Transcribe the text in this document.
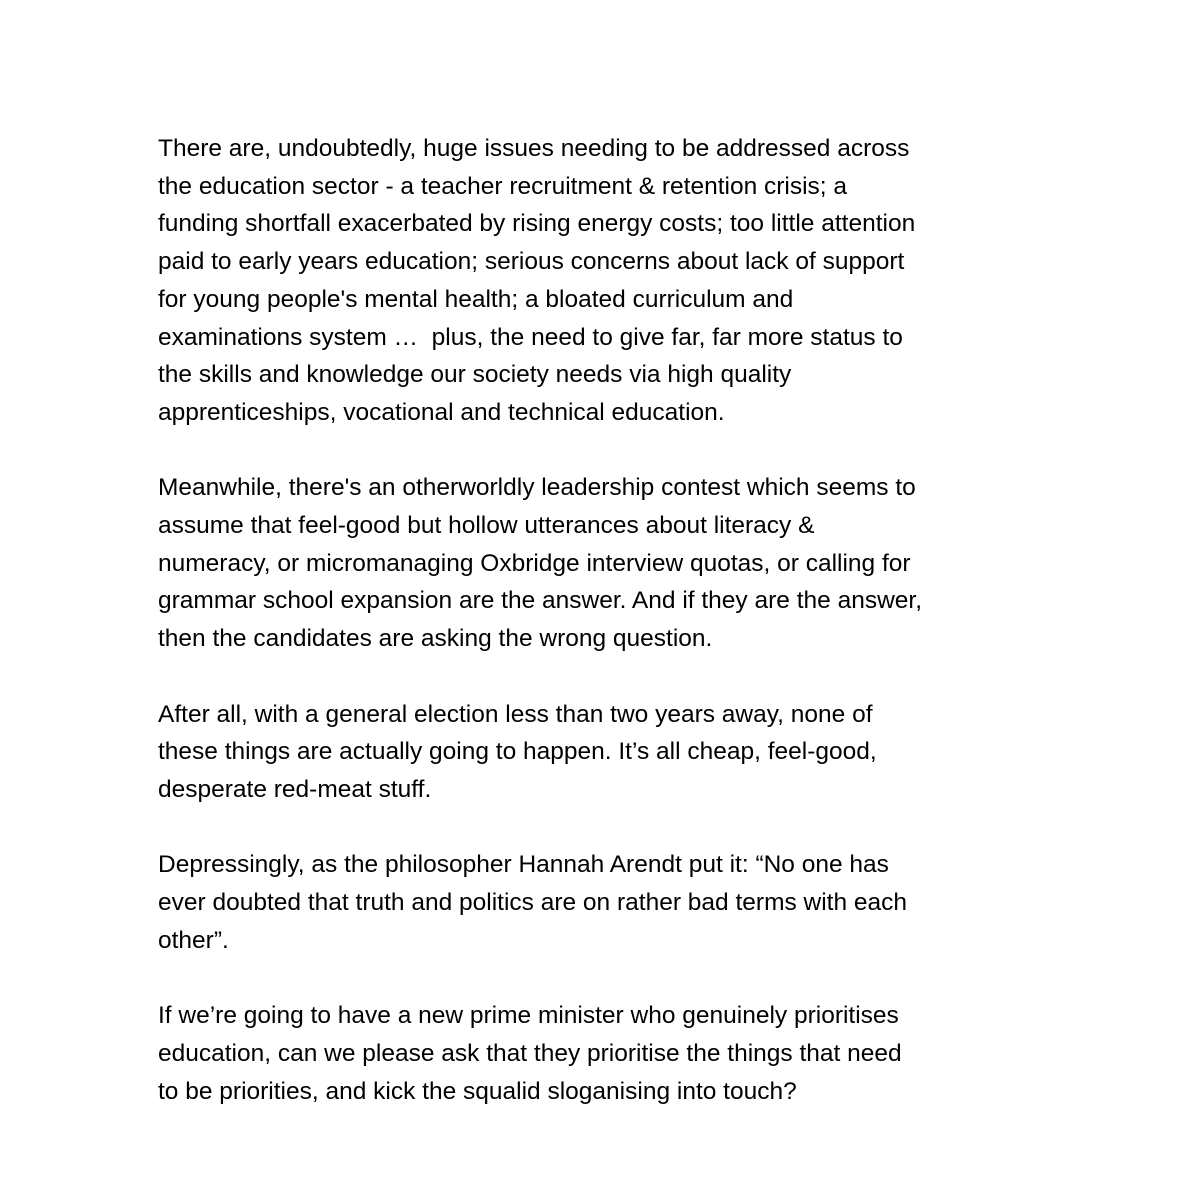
There are, undoubtedly, huge issues needing to be addressed across
the education sector - a teacher recruitment & retention crisis; a
funding shortfall exacerbated by rising energy costs; too little attention
paid to early years education; serious concerns about lack of support
for young people's mental health; a bloated curriculum and
examinations system …  plus, the need to give far, far more status to
the skills and knowledge our society needs via high quality
apprenticeships, vocational and technical education.

Meanwhile, there's an otherworldly leadership contest which seems to
assume that feel-good but hollow utterances about literacy &
numeracy, or micromanaging Oxbridge interview quotas, or calling for
grammar school expansion are the answer. And if they are the answer,
then the candidates are asking the wrong question.

After all, with a general election less than two years away, none of
these things are actually going to happen. It’s all cheap, feel-good,
desperate red-meat stuff.

Depressingly, as the philosopher Hannah Arendt put it: “No one has
ever doubted that truth and politics are on rather bad terms with each
other”.

If we’re going to have a new prime minister who genuinely prioritises
education, can we please ask that they prioritise the things that need
to be priorities, and kick the squalid sloganising into touch?
